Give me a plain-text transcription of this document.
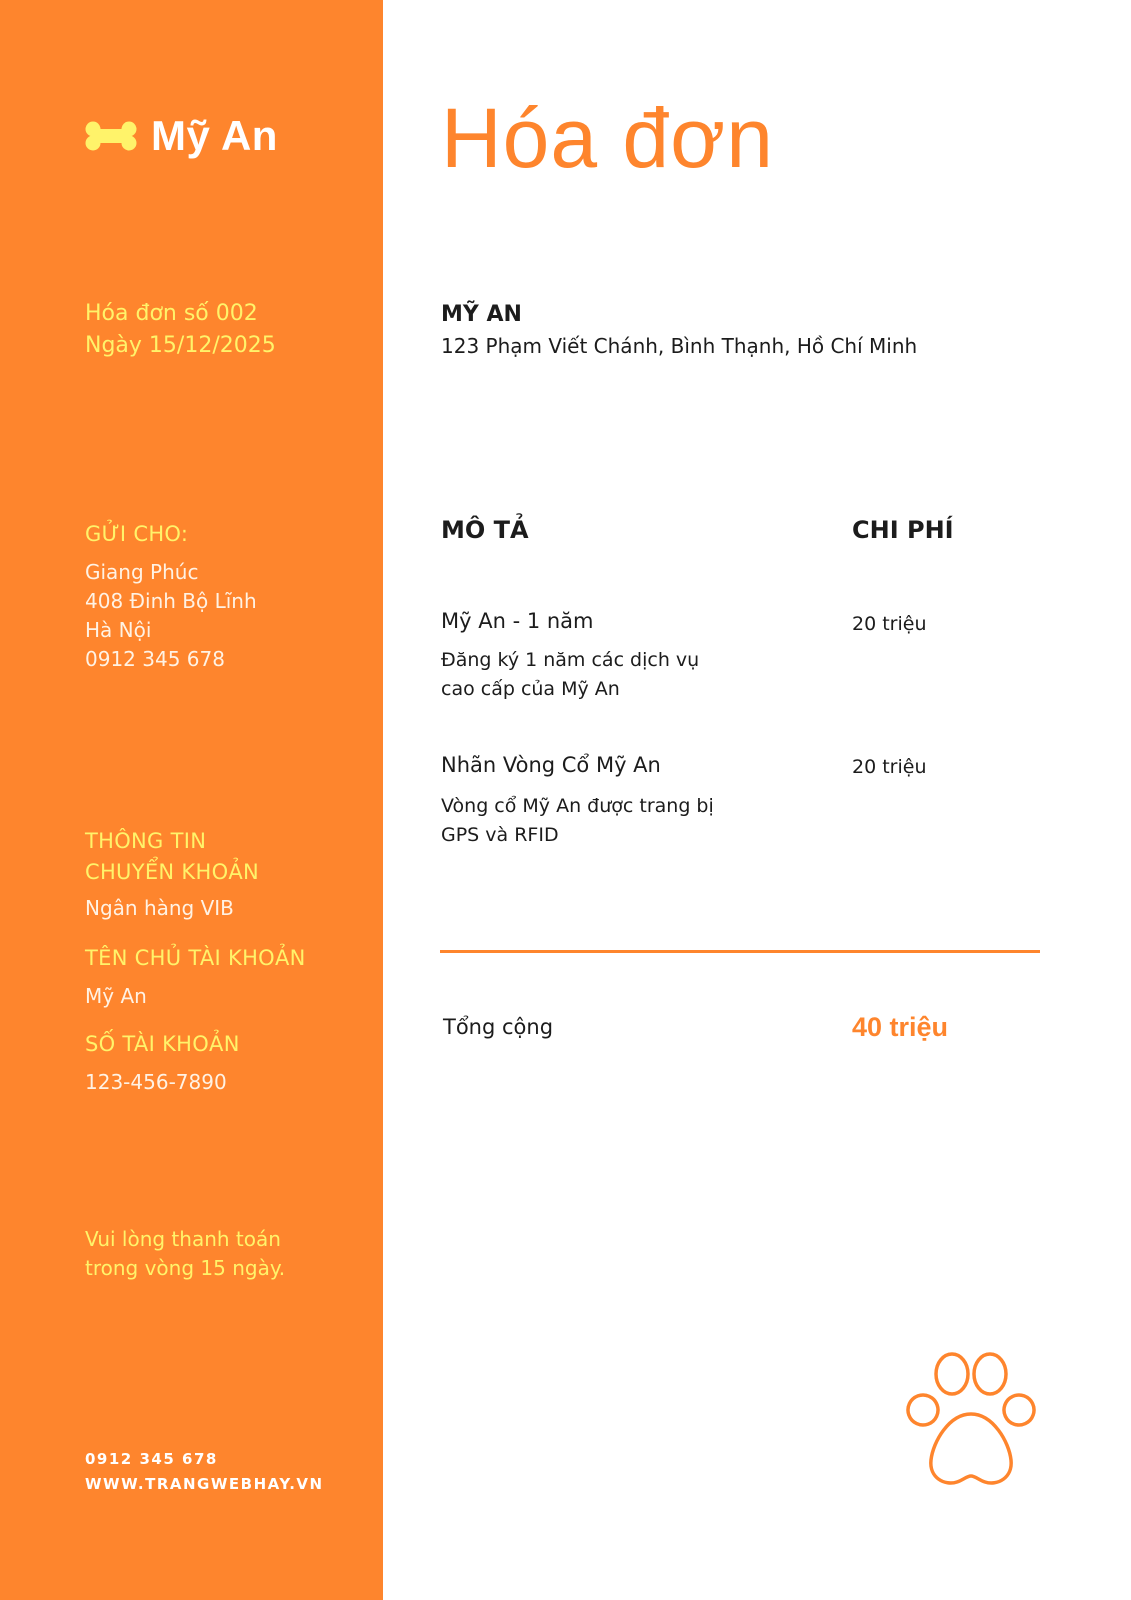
Mỹ An
Hóa đơn số 002
Ngày 15/12/2025
GỬI CHO:
Giang Phúc
408 Đinh Bộ Lĩnh
Hà Nội
0912 345 678
THÔNG TIN
CHUYỂN KHOẢN
Ngân hàng VIB
TÊN CHỦ TÀI KHOẢN
Mỹ An
SỐ TÀI KHOẢN
123-456-7890
Vui lòng thanh toán
trong vòng 15 ngày.
0912 345 678
WWW.TRANGWEBHAY.VN
Hóa đơn
MỸ AN
123 Phạm Viết Chánh, Bình Thạnh, Hồ Chí Minh
MÔ TẢ	CHI PHÍ
Mỹ An - 1 năm
Đăng ký 1 năm các dịch vụ
cao cấp của Mỹ An
20 triệu
Nhãn Vòng Cổ Mỹ An
Vòng cổ Mỹ An được trang bị
GPS và RFID
20 triệu
Tổng cộng	40 triệu
